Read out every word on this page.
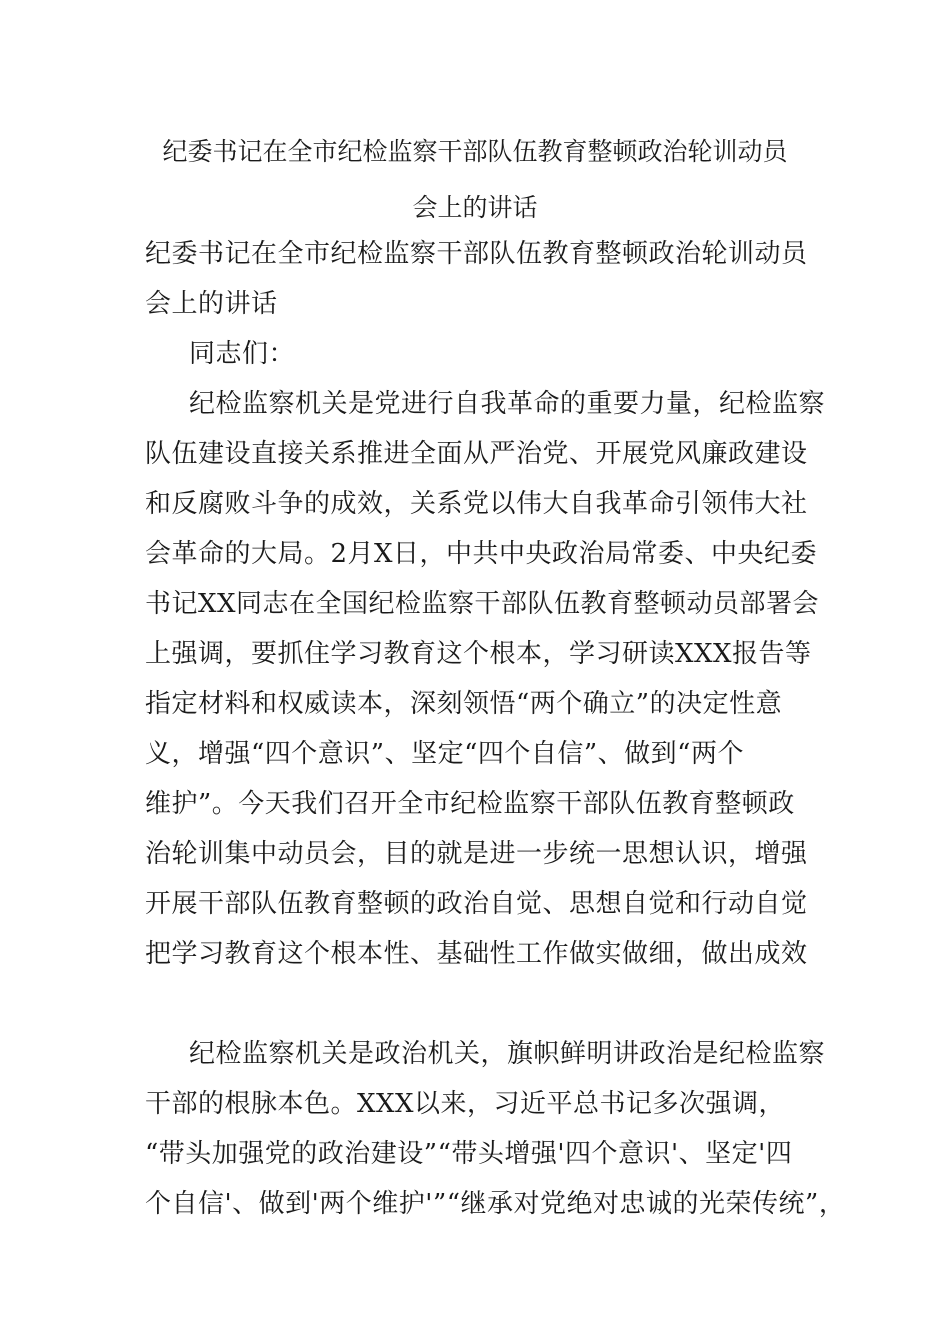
纪委书记在全市纪检监察干部队伍教育整顿政治轮训动员
会上的讲话
纪委书记在全市纪检监察干部队伍教育整顿政治轮训动员
会上的讲话
同志们：
纪检监察机关是党进行自我革命的重要力量，纪检监察
队伍建设直接关系推进全面从严治党、开展党风廉政建设
和反腐败斗争的成效，关系党以伟大自我革命引领伟大社
会革命的大局。2月X日，中共中央政治局常委、中央纪委
书记XX同志在全国纪检监察干部队伍教育整顿动员部署会
上强调，要抓住学习教育这个根本，学习研读XXX报告等
指定材料和权威读本，深刻领悟“两个确立”的决定性意
义，增强“四个意识”、坚定“四个自信”、做到“两个
维护”。今天我们召开全市纪检监察干部队伍教育整顿政
治轮训集中动员会，目的就是进一步统一思想认识，增强
开展干部队伍教育整顿的政治自觉、思想自觉和行动自觉
把学习教育这个根本性、基础性工作做实做细，做出成效
纪检监察机关是政治机关，旗帜鲜明讲政治是纪检监察
干部的根脉本色。XXX以来，习近平总书记多次强调，
“带头加强党的政治建设”“带头增强'四个意识'、坚定'四
个自信'、做到'两个维护'”“继承对党绝对忠诚的光荣传统”，
